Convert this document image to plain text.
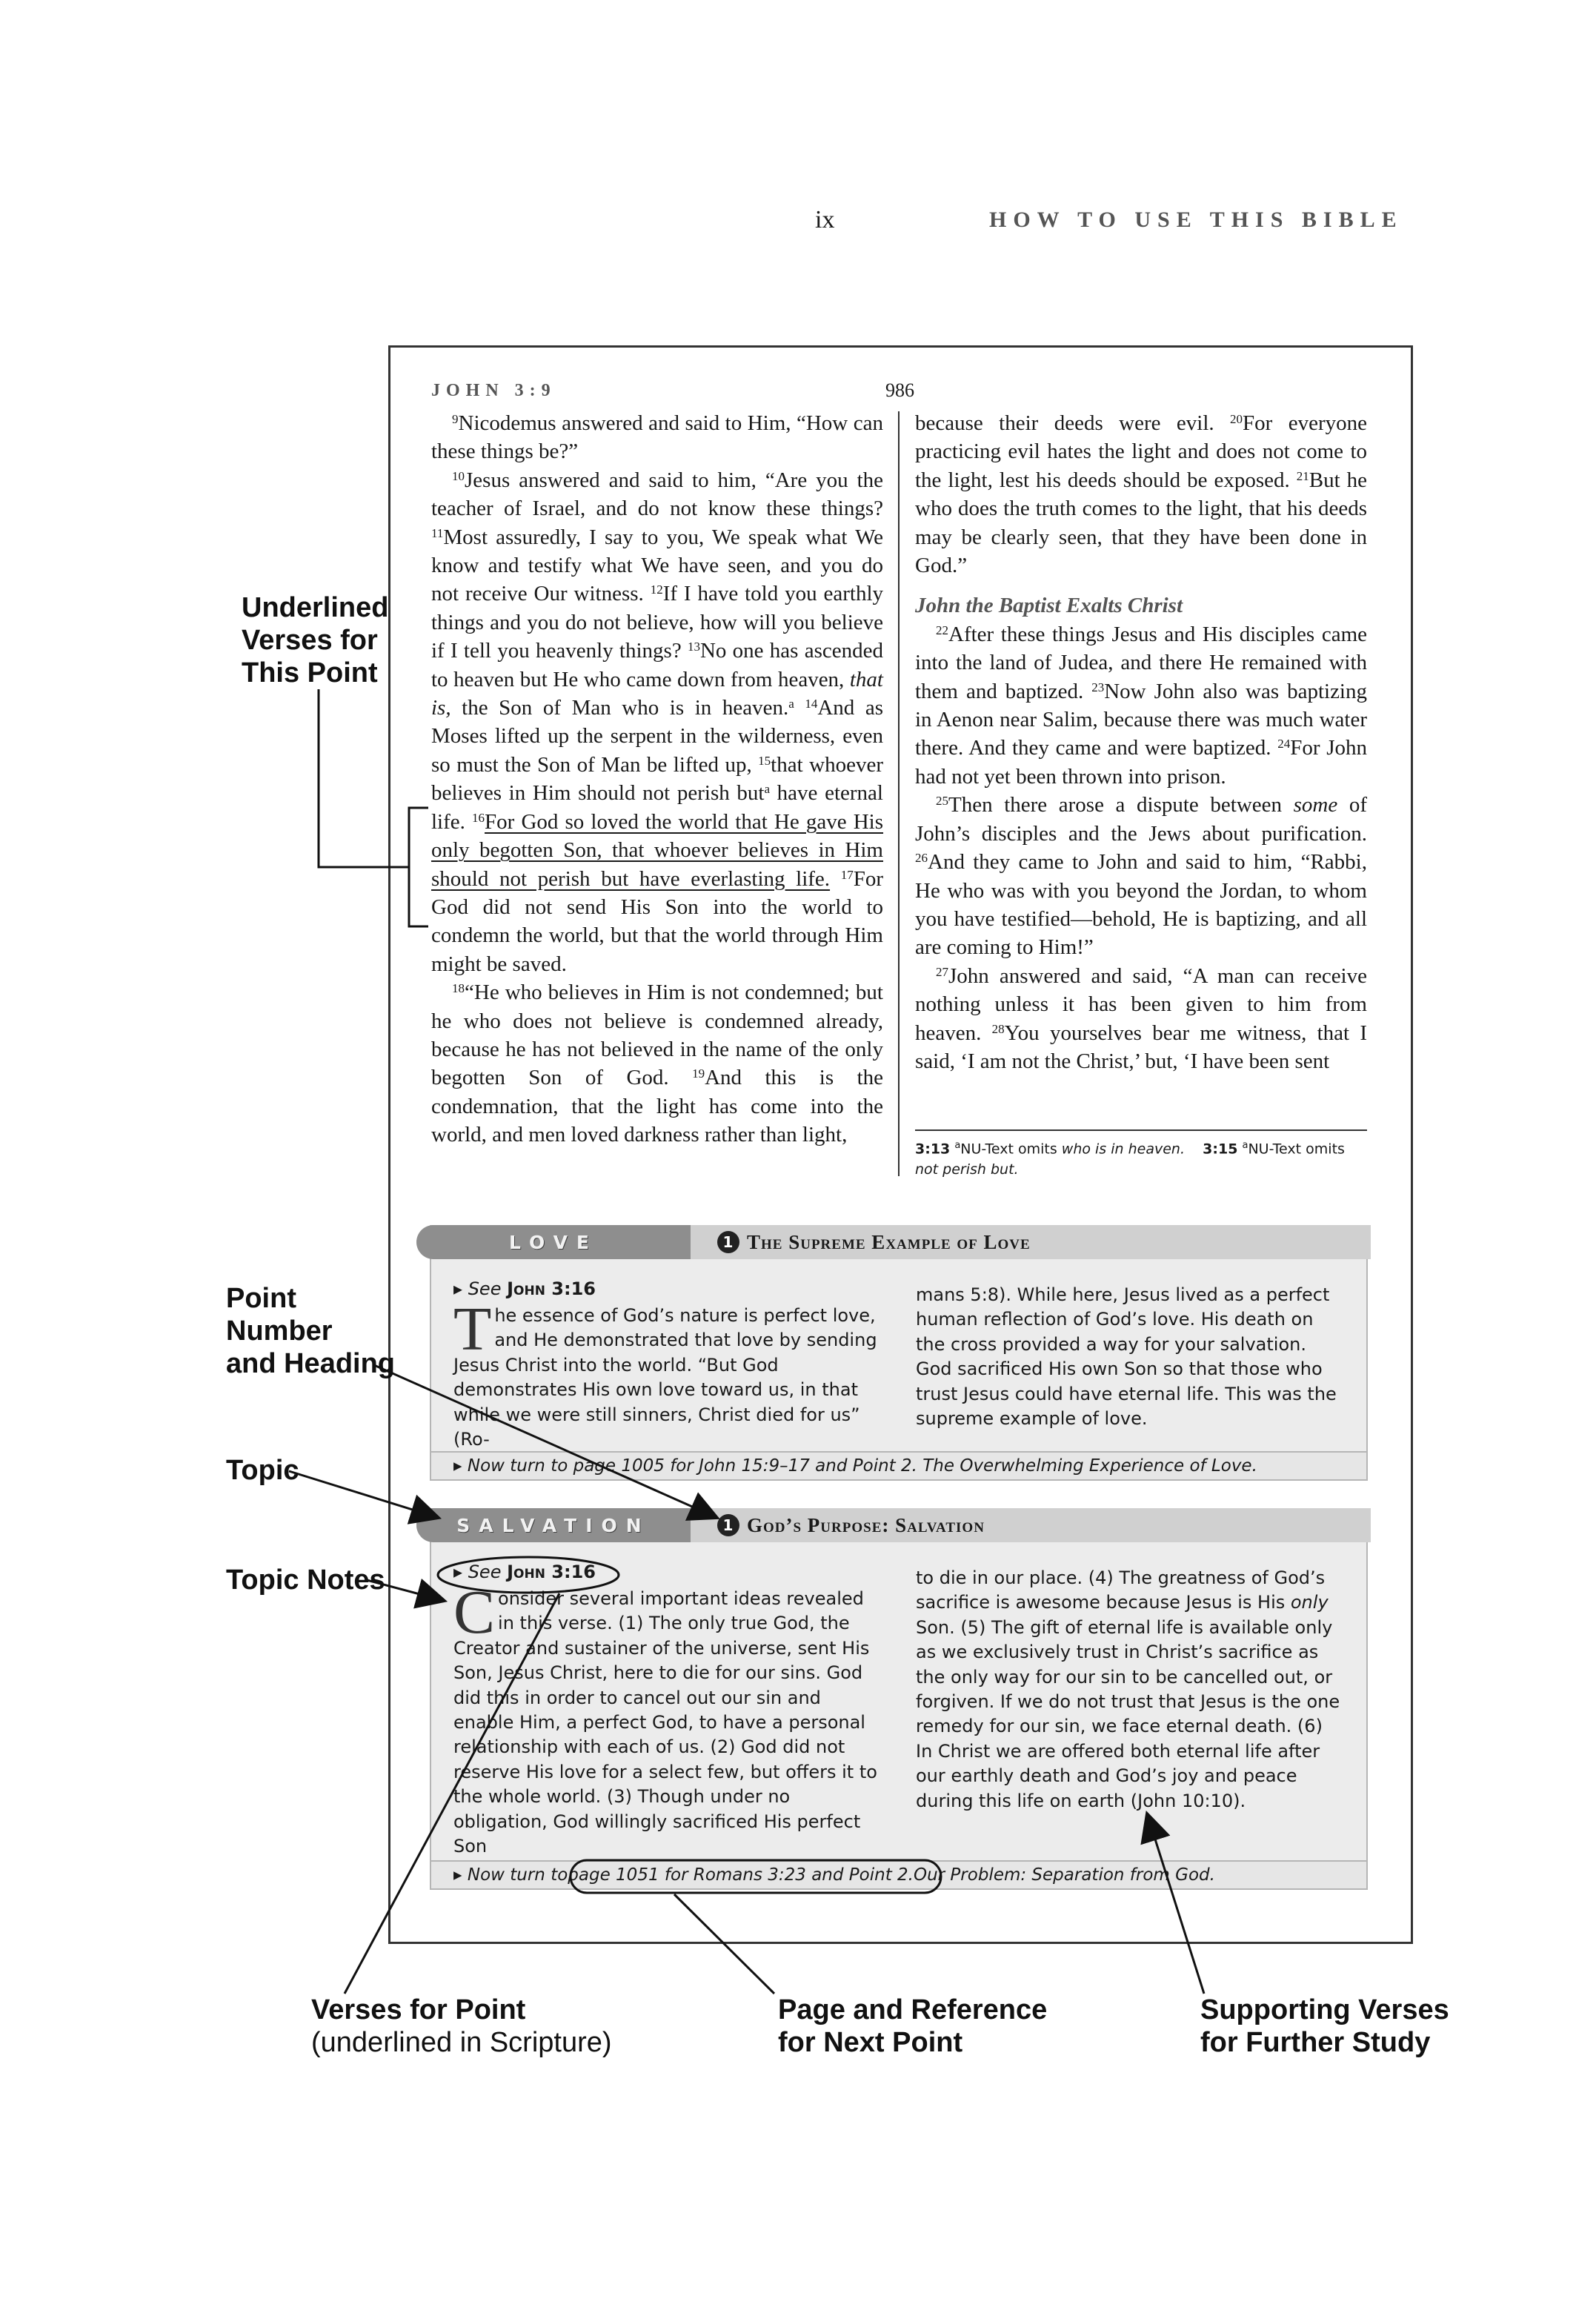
ix	HOW TO USE THIS BIBLE
JOHN 3:9	986

$^9$Nicodemus answered and said to Him, “How can these things be?”

$^{10}$Jesus answered and said to him, “Are you the teacher of Israel, and do not know these things? $^{11}$Most assuredly, I say to you, We speak what We know and testify what We have seen, and you do not receive Our witness. $^{12}$If I have told you earthly things and you do not believe, how will you believe if I tell you heavenly things? $^{13}$No one has ascended to heaven but He who came down from heaven, that is, the Son of Man who is in heaven.$^a$ $^{14}$And as Moses lifted up the serpent in the wilderness, even so must the Son of Man be lifted up, $^{15}$that whoever believes in Him should not perish but$^a$ have eternal life. $^{16}$For God so loved the world that He gave His only begotten Son, that whoever believes in Him should not perish but have everlasting life. $^{17}$For God did not send His Son into the world to condemn the world, but that the world through Him might be saved.

$^{18}$“He who believes in Him is not condemned; but he who does not believe is condemned already, because he has not believed in the name of the only begotten Son of God. $^{19}$And this is the condemnation, that the light has come into the world, and men loved darkness rather than light,

because their deeds were evil. $^{20}$For everyone practicing evil hates the light and does not come to the light, lest his deeds should be exposed. $^{21}$But he who does the truth comes to the light, that his deeds may be clearly seen, that they have been done in God.”

John the Baptist Exalts Christ

$^{22}$After these things Jesus and His disciples came into the land of Judea, and there He remained with them and baptized. $^{23}$Now John also was baptizing in Aenon near Salim, because there was much water there. And they came and were baptized. $^{24}$For John had not yet been thrown into prison.

$^{25}$Then there arose a dispute between some of John’s disciples and the Jews about purification. $^{26}$And they came to John and said to him, “Rabbi, He who was with you beyond the Jordan, to whom you have testified—behold, He is baptizing, and all are coming to Him!”

$^{27}$John answered and said, “A man can receive nothing unless it has been given to him from heaven. $^{28}$You yourselves bear me witness, that I said, ‘I am not the Christ,’ but, ‘I have been sent

3:13 $^a$NU-Text omits who is in heaven. 3:15 $^a$NU-Text omits not perish but.
LOVE	1 The Supreme Example of Love
▸ See John 3:16
The essence of God’s nature is perfect love, and He demonstrated that love by sending Jesus Christ into the world. “But God demonstrates His own love toward us, in that while we were still sinners, Christ died for us” (Ro-
mans 5:8). While here, Jesus lived as a perfect human reflection of God’s love. His death on the cross provided a way for your salvation. God sacrificed His own Son so that those who trust Jesus could have eternal life. This was the supreme example of love.
▸ Now turn to page 1005 for John 15:9–17 and Point 2. The Overwhelming Experience of Love.
SALVATION	1 God’s Purpose: Salvation
▸ See John 3:16
Consider several important ideas revealed in this verse. (1) The only true God, the Creator and sustainer of the universe, sent His Son, Jesus Christ, here to die for our sins. God did this in order to cancel out our sin and enable Him, a perfect God, to have a personal relationship with each of us. (2) God did not reserve His love for a select few, but offers it to the whole world. (3) Though under no obligation, God willingly sacrificed His perfect Son
to die in our place. (4) The greatness of God’s sacrifice is awesome because Jesus is His only Son. (5) The gift of eternal life is available only as we exclusively trust in Christ’s sacrifice as the only way for our sin to be cancelled out, or forgiven. If we do not trust that Jesus is the one remedy for our sin, we face eternal death. (6) In Christ we are offered both eternal life after our earthly death and God’s joy and peace during this life on earth (John 10:10).
▸ Now turn to page 1051 for Romans 3:23 and Point 2. Our Problem: Separation from God.
Underlined
Verses for
This Point
Point
Number
and Heading
Topic
Topic Notes
Verses for Point
(underlined in Scripture)
Page and Reference
for Next Point
Supporting Verses
for Further Study
